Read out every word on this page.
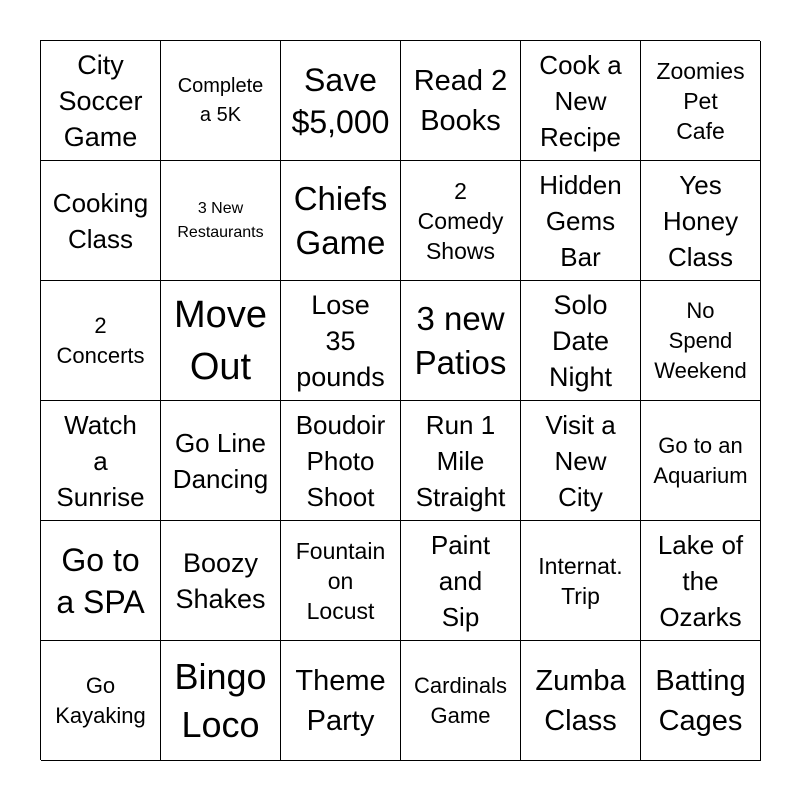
City
Soccer
Game
Complete
a 5K
Save
$5,000
Read 2
Books
Cook a
New
Recipe
Zoomies
Pet
Cafe
Cooking
Class
3 New
Restaurants
Chiefs
Game
2
Comedy
Shows
Hidden
Gems
Bar
Yes
Honey
Class
2
Concerts
Move
Out
Lose
35
pounds
3 new
Patios
Solo
Date
Night
No
Spend
Weekend
Watch
a
Sunrise
Go Line
Dancing
Boudoir
Photo
Shoot
Run 1
Mile
Straight
Visit a
New
City
Go to an
Aquarium
Go to
a SPA
Boozy
Shakes
Fountain
on
Locust
Paint
and
Sip
Internat.
Trip
Lake of
the
Ozarks
Go
Kayaking
Bingo
Loco
Theme
Party
Cardinals
Game
Zumba
Class
Batting
Cages
